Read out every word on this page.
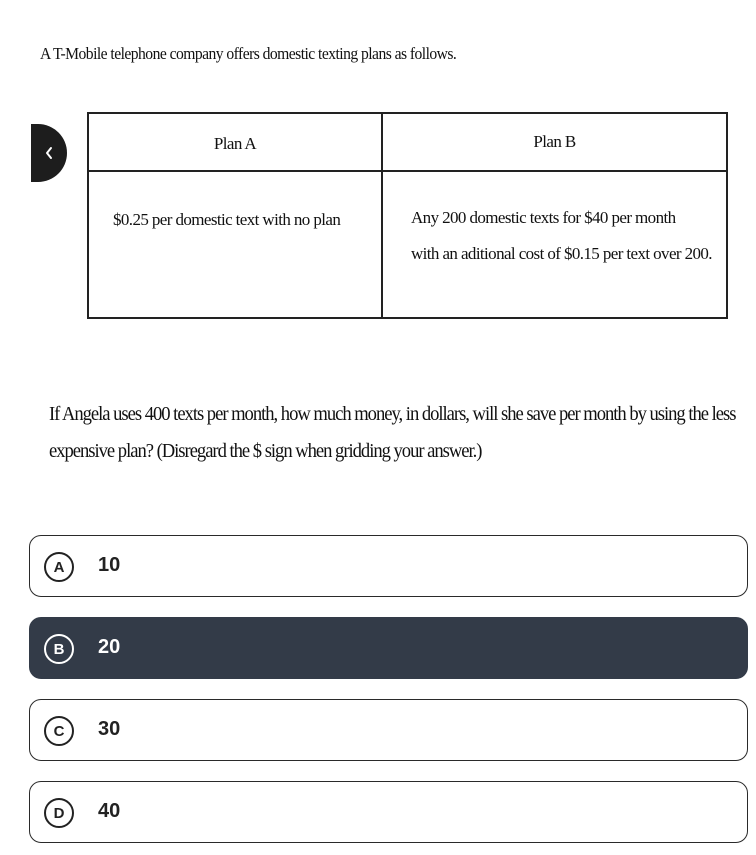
A T-Mobile telephone company offers domestic texting plans as follows.
Plan A	Plan B
$0.25 per domestic text with no plan	Any 200 domestic texts for $40 per month
with an aditional cost of $0.15 per text over 200.
If Angela uses 400 texts per month, how much money, in dollars, will she save per month by using the less
expensive plan? (Disregard the $ sign when gridding your answer.)
A	10
B	20
C	30
D	40
